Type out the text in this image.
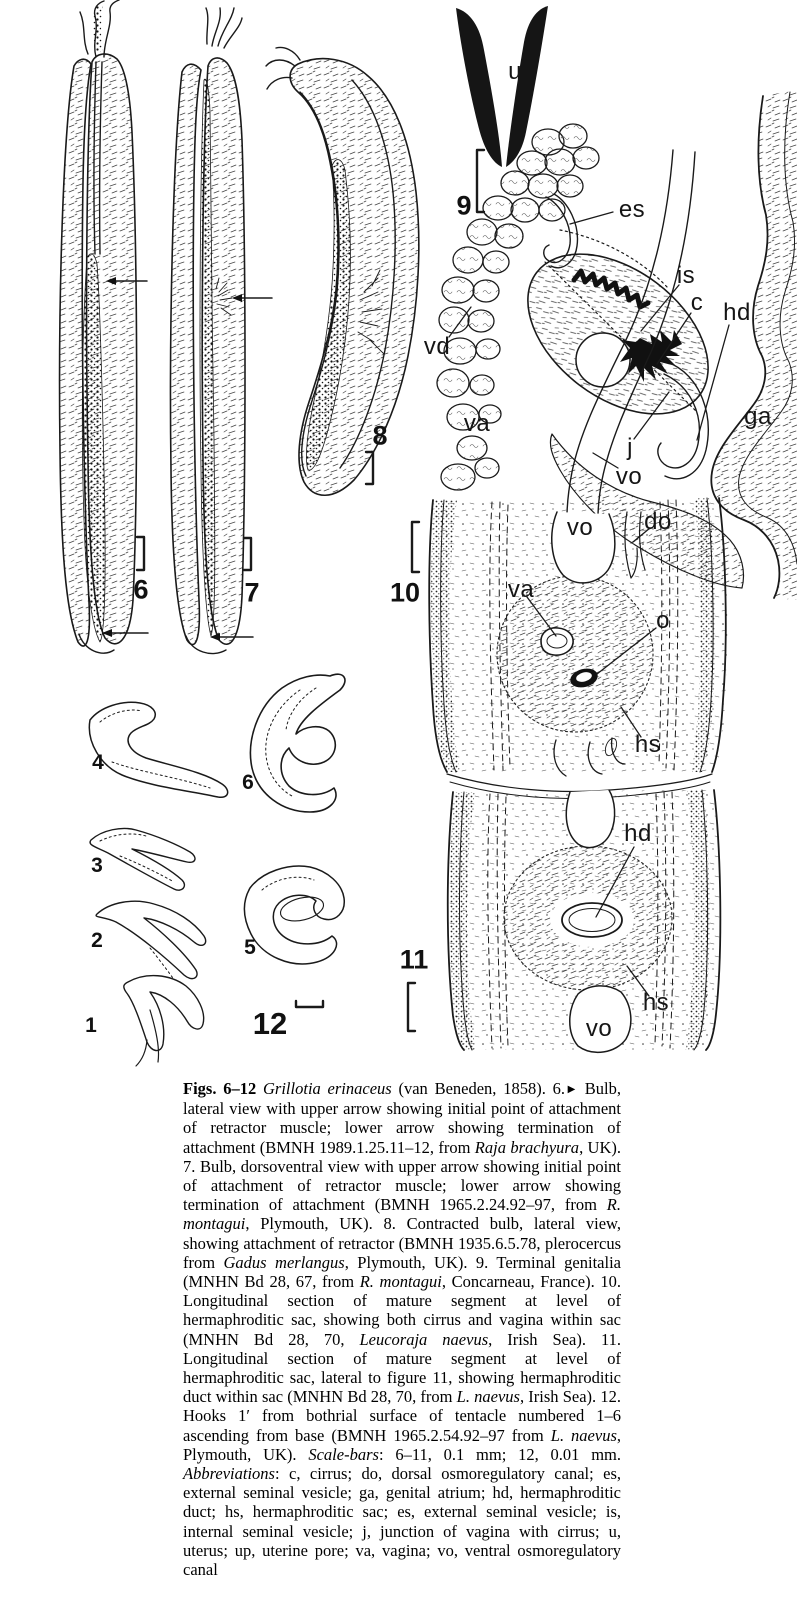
6	7
8
9
10
11
12
u
es
vd
va
is
c hd
ga
j
vo
vo do
va
o
hs
hd
hs
vo
4
6
3
2	5
1
Figs. 6–12 Grillotia erinaceus (van Beneden, 1858). 6.▶ Bulb, lateral view with upper arrow showing initial point of attachment of retractor muscle; lower arrow showing termination of attachment (BMNH 1989.1.25.11–12, from Raja brachyura, UK). 7. Bulb, dorsoventral view with upper arrow showing initial point of attachment of retractor muscle; lower arrow showing termination of attachment (BMNH 1965.2.24.92–97, from R. montagui, Plymouth, UK). 8. Contracted bulb, lateral view, showing attachment of retractor (BMNH 1935.6.5.78, plerocercus from Gadus merlangus, Plymouth, UK). 9. Terminal genitalia (MNHN Bd 28, 67, from R. montagui, Concarneau, France). 10. Longitudinal section of mature segment at level of hermaphroditic sac, showing both cirrus and vagina within sac (MNHN Bd 28, 70, Leucoraja naevus, Irish Sea). 11. Longitudinal section of mature segment at level of hermaphroditic sac, lateral to figure 11, showing hermaphroditic duct within sac (MNHN Bd 28, 70, from L. naevus, Irish Sea). 12. Hooks 1′ from bothrial surface of tentacle numbered 1–6 ascending from base (BMNH 1965.2.54.92–97 from L. naevus, Plymouth, UK). Scale-bars: 6–11, 0.1 mm; 12, 0.01 mm. Abbreviations: c, cirrus; do, dorsal osmoregulatory canal; es, external seminal vesicle; ga, genital atrium; hd, hermaphroditic duct; hs, hermaphroditic sac; es, external seminal vesicle; is, internal seminal vesicle; j, junction of vagina with cirrus; u, uterus; up, uterine pore; va, vagina; vo, ventral osmoregulatory canal
